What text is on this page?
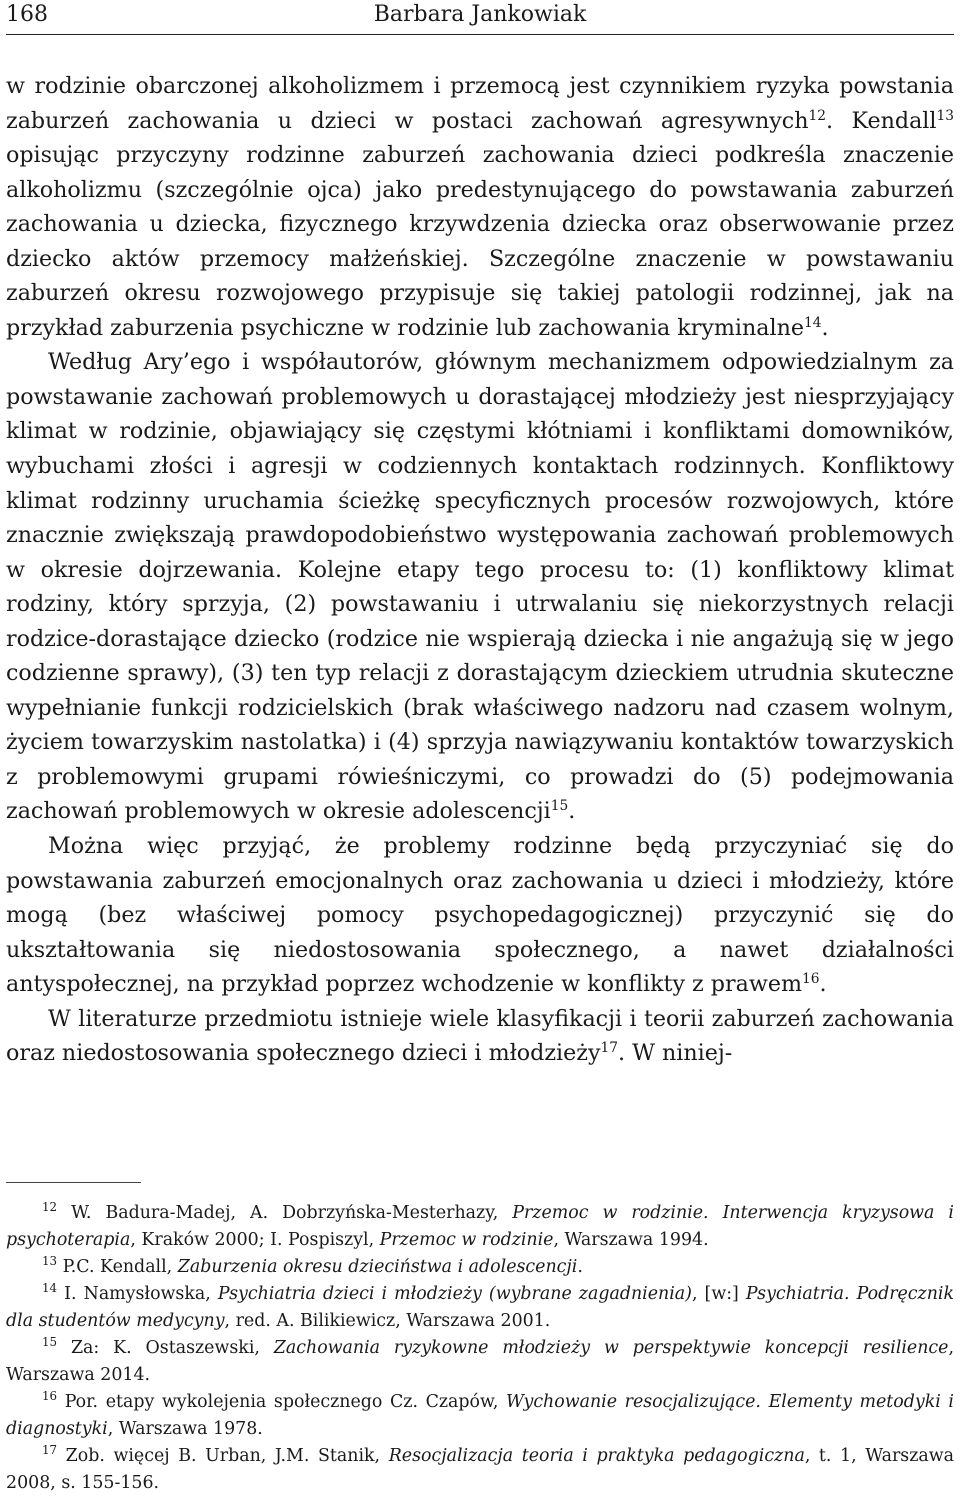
168	Barbara Jankowiak

w rodzinie obarczonej alkoholizmem i przemocą jest czynnikiem ryzyka powstania zaburzeń zachowania u dzieci w postaci zachowań agresywnych$^{12}$. Kendall$^{13}$ opisując przyczyny rodzinne zaburzeń zachowania dzieci podkreśla znaczenie alkoholizmu (szczególnie ojca) jako predestynującego do powstawania zaburzeń zachowania u dziecka, fizycznego krzywdzenia dziecka oraz obserwowanie przez dziecko aktów przemocy małżeńskiej. Szczególne znaczenie w powstawaniu zaburzeń okresu rozwojowego przypisuje się takiej patologii rodzinnej, jak na przykład zaburzenia psychiczne w rodzinie lub zachowania kryminalne$^{14}$.

Według Ary’ego i współautorów, głównym mechanizmem odpowiedzialnym za powstawanie zachowań problemowych u dorastającej młodzieży jest niesprzyjający klimat w rodzinie, objawiający się częstymi kłótniami i konfliktami domowników, wybuchami złości i agresji w codziennych kontaktach rodzinnych. Konfliktowy klimat rodzinny uruchamia ścieżkę specyficznych procesów rozwojowych, które znacznie zwiększają prawdopodobieństwo występowania zachowań problemowych w okresie dojrzewania. Kolejne etapy tego procesu to: (1) konfliktowy klimat rodziny, który sprzyja, (2) powstawaniu i utrwalaniu się niekorzystnych relacji rodzice-dorastające dziecko (rodzice nie wspierają dziecka i nie angażują się w jego codzienne sprawy), (3) ten typ relacji z dorastającym dzieckiem utrudnia skuteczne wypełnianie funkcji rodzicielskich (brak właściwego nadzoru nad czasem wolnym, życiem towarzyskim nastolatka) i (4) sprzyja nawiązywaniu kontaktów towarzyskich z problemowymi grupami rówieśniczymi, co prowadzi do (5) podejmowania zachowań problemowych w okresie adolescencji$^{15}$.

Można więc przyjąć, że problemy rodzinne będą przyczyniać się do powstawania zaburzeń emocjonalnych oraz zachowania u dzieci i młodzieży, które mogą (bez właściwej pomocy psychopedagogicznej) przyczynić się do ukształtowania się niedostosowania społecznego, a nawet działalności antyspołecznej, na przykład poprzez wchodzenie w konflikty z prawem$^{16}$.

W literaturze przedmiotu istnieje wiele klasyfikacji i teorii zaburzeń zachowania oraz niedostosowania społecznego dzieci i młodzieży$^{17}$. W niniej-

$^{12}$ W. Badura-Madej, A. Dobrzyńska-Mesterhazy, Przemoc w rodzinie. Interwencja kryzysowa i psychoterapia, Kraków 2000; I. Pospiszyl, Przemoc w rodzinie, Warszawa 1994.

$^{13}$ P.C. Kendall, Zaburzenia okresu dzieciństwa i adolescencji.

$^{14}$ I. Namysłowska, Psychiatria dzieci i młodzieży (wybrane zagadnienia), [w:] Psychiatria. Podręcznik dla studentów medycyny, red. A. Bilikiewicz, Warszawa 2001.

$^{15}$ Za: K. Ostaszewski, Zachowania ryzykowne młodzieży w perspektywie koncepcji resilience, Warszawa 2014.

$^{16}$ Por. etapy wykolejenia społecznego Cz. Czapów, Wychowanie resocjalizujące. Elementy metodyki i diagnostyki, Warszawa 1978.

$^{17}$ Zob. więcej B. Urban, J.M. Stanik, Resocjalizacja teoria i praktyka pedagogiczna, t. 1, Warszawa 2008, s. 155-156.
